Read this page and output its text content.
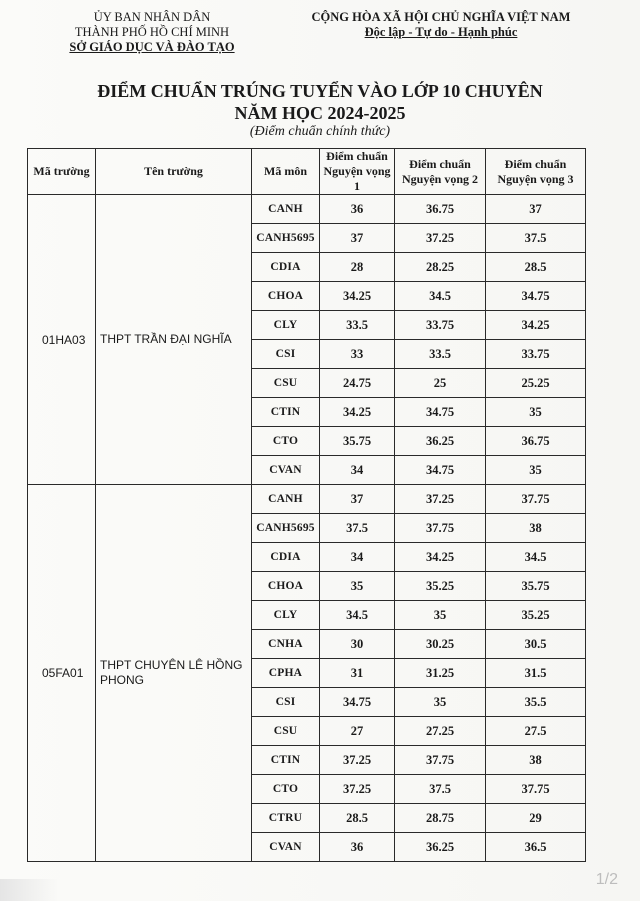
ỦY BAN NHÂN DÂN
THÀNH PHỐ HỒ CHÍ MINH
SỞ GIÁO DỤC VÀ ĐÀO TẠO
CỘNG HÒA XÃ HỘI CHỦ NGHĨA VIỆT NAM
Độc lập - Tự do - Hạnh phúc
ĐIỂM CHUẨN TRÚNG TUYỂN VÀO LỚP 10 CHUYÊN
NĂM HỌC 2024-2025
(Điểm chuẩn chính thức)
Mã trường	Tên trường	Mã môn	Điểm chuẩn Nguyện vọng 1	Điểm chuẩn Nguyện vọng 2	Điểm chuẩn Nguyện vọng 3
01HA03	THPT TRẦN ĐẠI NGHĨA	CANH	36	36.75	37
		CANH5695	37	37.25	37.5
		CDIA	28	28.25	28.5
		CHOA	34.25	34.5	34.75
		CLY	33.5	33.75	34.25
		CSI	33	33.5	33.75
		CSU	24.75	25	25.25
		CTIN	34.25	34.75	35
		CTO	35.75	36.25	36.75
		CVAN	34	34.75	35
05FA01	THPT CHUYÊN LÊ HỒNG PHONG	CANH	37	37.25	37.75
		CANH5695	37.5	37.75	38
		CDIA	34	34.25	34.5
		CHOA	35	35.25	35.75
		CLY	34.5	35	35.25
		CNHA	30	30.25	30.5
		CPHA	31	31.25	31.5
		CSI	34.75	35	35.5
		CSU	27	27.25	27.5
		CTIN	37.25	37.75	38
		CTO	37.25	37.5	37.75
		CTRU	28.5	28.75	29
		CVAN	36	36.25	36.5
1/2
